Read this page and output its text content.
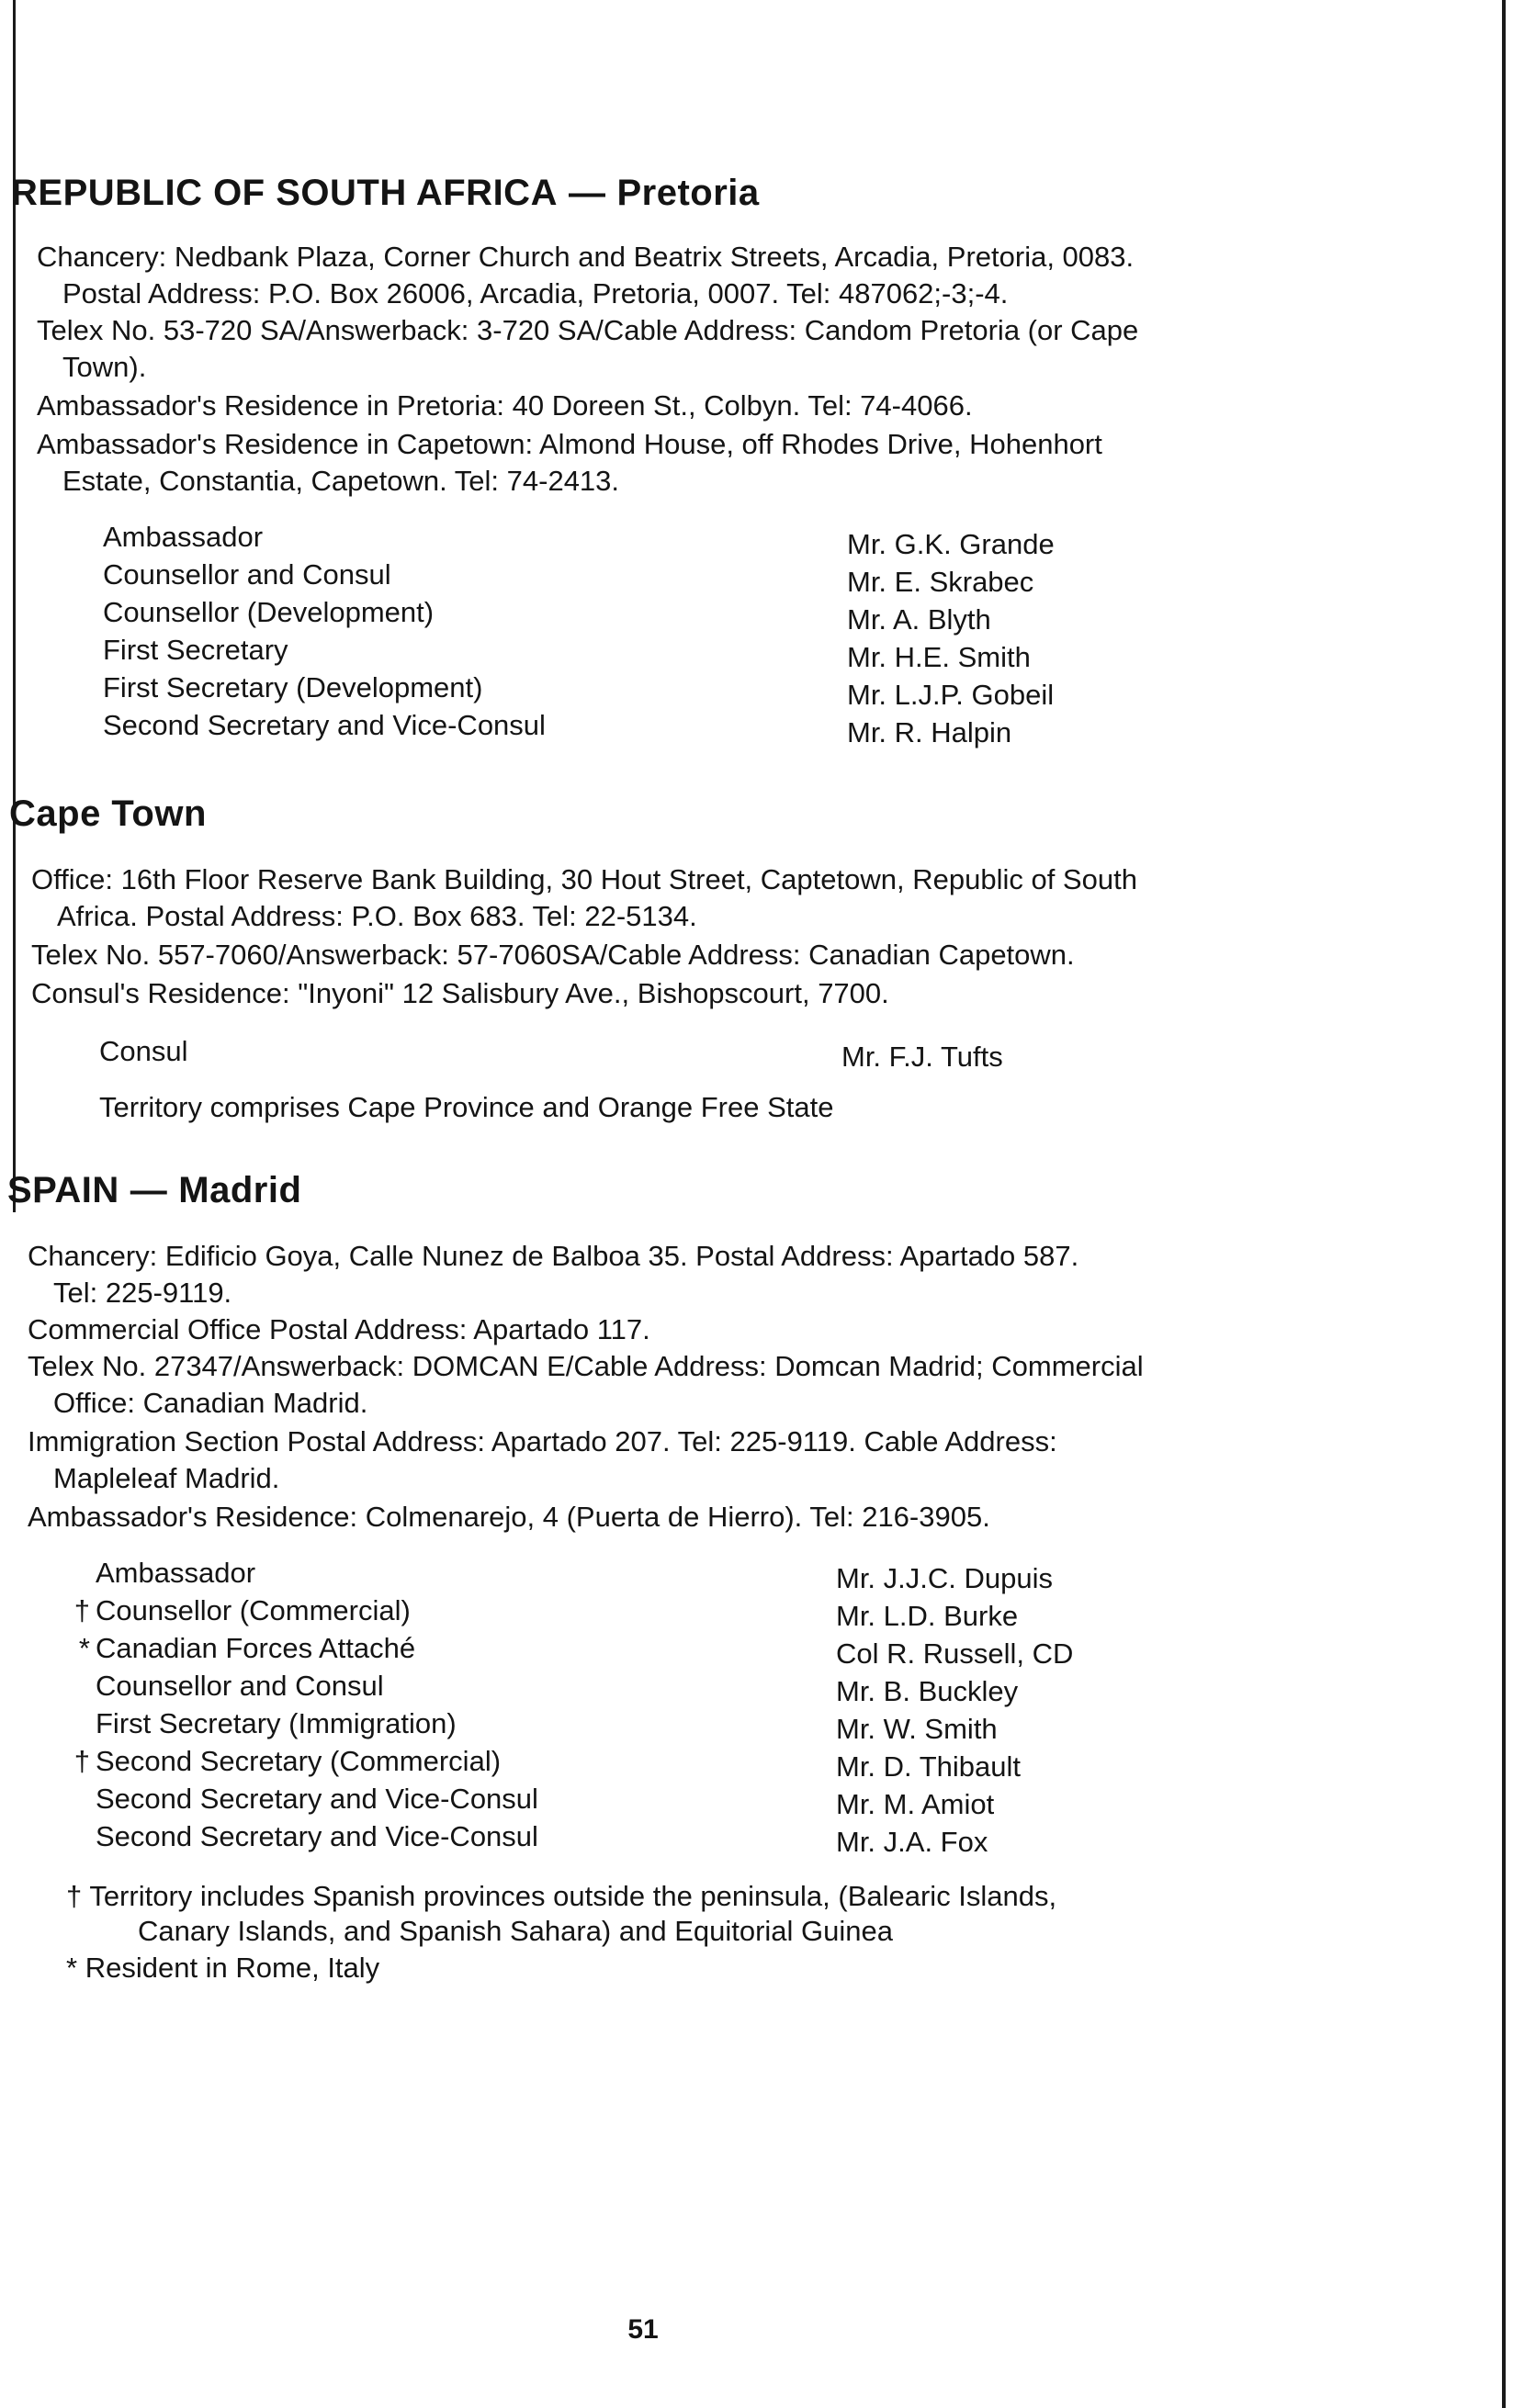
REPUBLIC OF SOUTH AFRICA — Pretoria
Chancery: Nedbank Plaza, Corner Church and Beatrix Streets, Arcadia, Pretoria, 0083.
Postal Address: P.O. Box 26006, Arcadia, Pretoria, 0007. Tel: 487062;-3;-4.
Telex No. 53-720 SA/Answerback: 3-720 SA/Cable Address: Candom Pretoria (or Cape
Town).
Ambassador's Residence in Pretoria: 40 Doreen St., Colbyn. Tel: 74-4066.
Ambassador's Residence in Capetown: Almond House, off Rhodes Drive, Hohenhort
Estate, Constantia, Capetown. Tel: 74-2413.
Ambassador	Mr. G.K. Grande
Counsellor and Consul	Mr. E. Skrabec
Counsellor (Development)	Mr. A. Blyth
First Secretary	Mr. H.E. Smith
First Secretary (Development)	Mr. L.J.P. Gobeil
Second Secretary and Vice-Consul	Mr. R. Halpin
Cape Town
Office: 16th Floor Reserve Bank Building, 30 Hout Street, Captetown, Republic of South
Africa. Postal Address: P.O. Box 683. Tel: 22-5134.
Telex No. 557-7060/Answerback: 57-7060SA/Cable Address: Canadian Capetown.
Consul's Residence: "Inyoni" 12 Salisbury Ave., Bishopscourt, 7700.
Consul	Mr. F.J. Tufts
Territory comprises Cape Province and Orange Free State
SPAIN — Madrid
Chancery: Edificio Goya, Calle Nunez de Balboa 35. Postal Address: Apartado 587.
Tel: 225-9119.
Commercial Office Postal Address: Apartado 117.
Telex No. 27347/Answerback: DOMCAN E/Cable Address: Domcan Madrid; Commercial
Office: Canadian Madrid.
Immigration Section Postal Address: Apartado 207. Tel: 225-9119. Cable Address:
Mapleleaf Madrid.
Ambassador's Residence: Colmenarejo, 4 (Puerta de Hierro). Tel: 216-3905.
Ambassador	Mr. J.J.C. Dupuis
† Counsellor (Commercial)	Mr. L.D. Burke
* Canadian Forces Attaché	Col R. Russell, CD
Counsellor and Consul	Mr. B. Buckley
First Secretary (Immigration)	Mr. W. Smith
† Second Secretary (Commercial)	Mr. D. Thibault
Second Secretary and Vice-Consul	Mr. M. Amiot
Second Secretary and Vice-Consul	Mr. J.A. Fox
† Territory includes Spanish provinces outside the peninsula, (Balearic Islands,
Canary Islands, and Spanish Sahara) and Equitorial Guinea
* Resident in Rome, Italy
51
